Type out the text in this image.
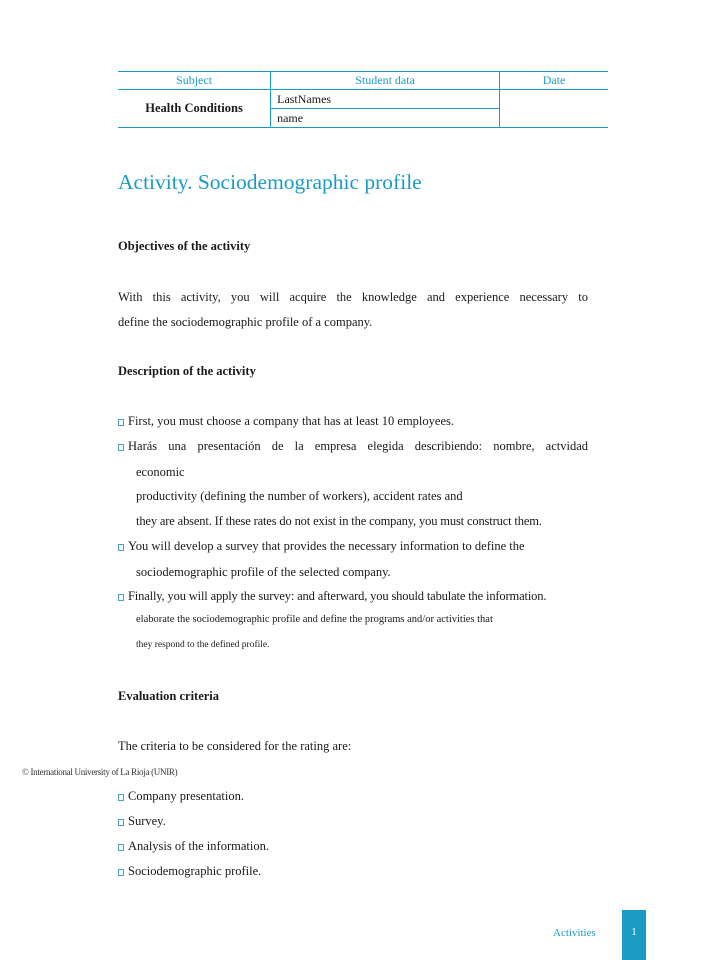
Subject	Student data	Date
Health Conditions	LastNames	
	name	
Activity. Sociodemographic profile
Objectives of the activity

With this activity, you will acquire the knowledge and experience necessary to
define the sociodemographic profile of a company.

Description of the activity
First, you must choose a company that has at least 10 employees.
Harás una presentación de la empresa elegida describiendo: nombre, actvidad
economic
productivity (defining the number of workers), accident rates and
they are absent. If these rates do not exist in the company, you must construct them.
You will develop a survey that provides the necessary information to define the
sociodemographic profile of the selected company.
Finally, you will apply the survey: and afterward, you should tabulate the information.
elaborate the sociodemographic profile and define the programs and/or activities that
they respond to the defined profile.
Evaluation criteria
The criteria to be considered for the rating are:
© International University of La Rioja (UNIR)
Company presentation.
Survey.
Analysis of the information.
Sociodemographic profile.
Activities	1
